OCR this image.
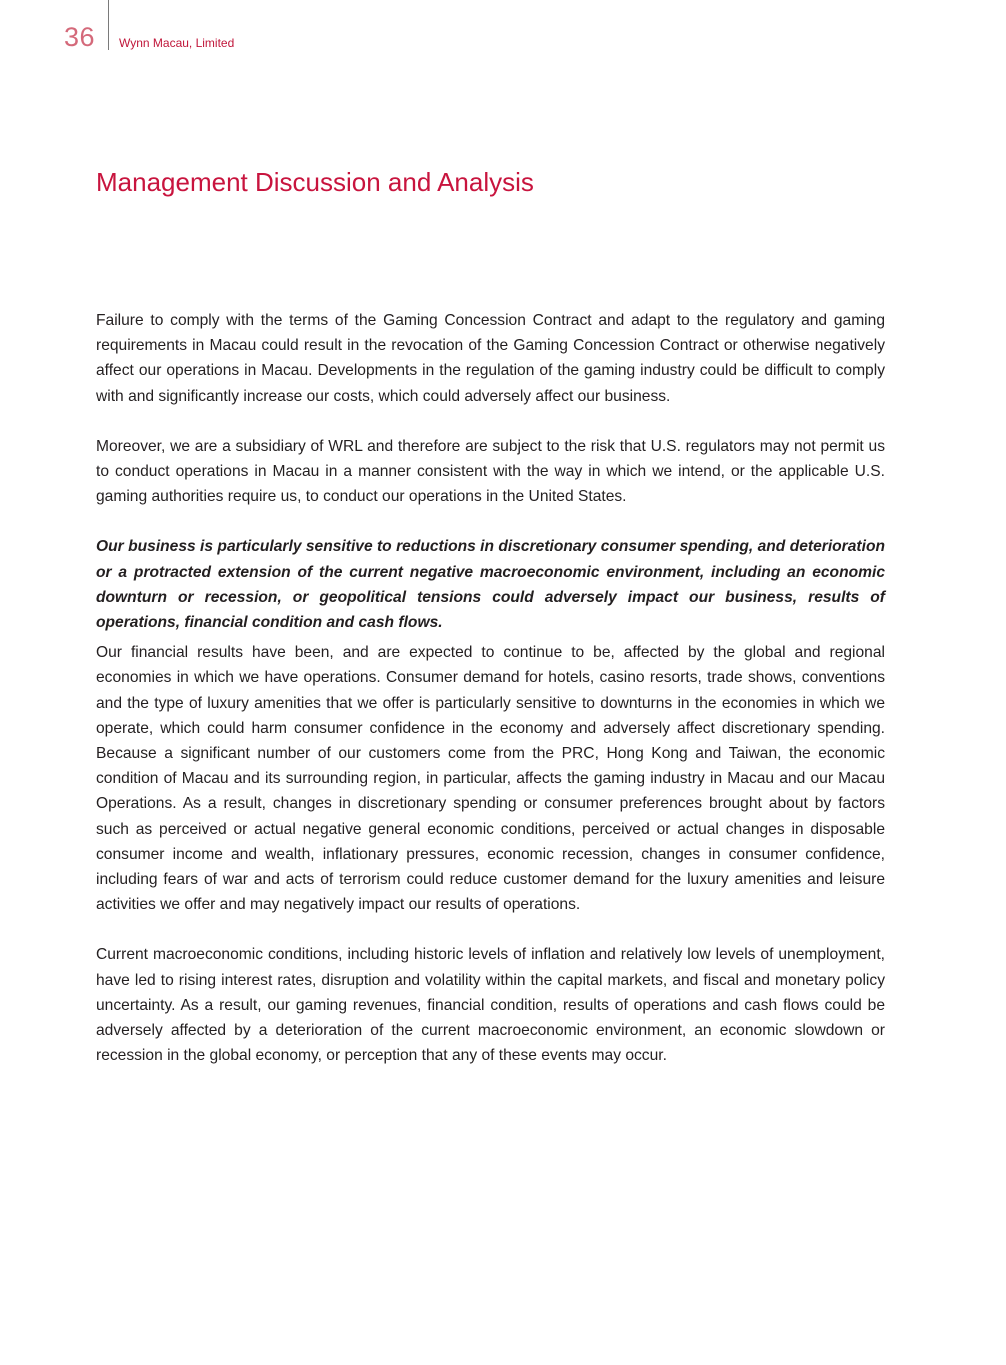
36 Wynn Macau, Limited
Management Discussion and Analysis

Failure to comply with the terms of the Gaming Concession Contract and adapt to the regulatory and gaming requirements in Macau could result in the revocation of the Gaming Concession Contract or otherwise negatively affect our operations in Macau. Developments in the regulation of the gaming industry could be difficult to comply with and significantly increase our costs, which could adversely affect our business.

Moreover, we are a subsidiary of WRL and therefore are subject to the risk that U.S. regulators may not permit us to conduct operations in Macau in a manner consistent with the way in which we intend, or the applicable U.S. gaming authorities require us, to conduct our operations in the United States.

Our business is particularly sensitive to reductions in discretionary consumer spending, and deterioration or a protracted extension of the current negative macroeconomic environment, including an economic downturn or recession, or geopolitical tensions could adversely impact our business, results of operations, financial condition and cash flows.

Our financial results have been, and are expected to continue to be, affected by the global and regional economies in which we have operations. Consumer demand for hotels, casino resorts, trade shows, conventions and the type of luxury amenities that we offer is particularly sensitive to downturns in the economies in which we operate, which could harm consumer confidence in the economy and adversely affect discretionary spending. Because a significant number of our customers come from the PRC, Hong Kong and Taiwan, the economic condition of Macau and its surrounding region, in particular, affects the gaming industry in Macau and our Macau Operations. As a result, changes in discretionary spending or consumer preferences brought about by factors such as perceived or actual negative general economic conditions, perceived or actual changes in disposable consumer income and wealth, inflationary pressures, economic recession, changes in consumer confidence, including fears of war and acts of terrorism could reduce customer demand for the luxury amenities and leisure activities we offer and may negatively impact our results of operations.

Current macroeconomic conditions, including historic levels of inflation and relatively low levels of unemployment, have led to rising interest rates, disruption and volatility within the capital markets, and fiscal and monetary policy uncertainty. As a result, our gaming revenues, financial condition, results of operations and cash flows could be adversely affected by a deterioration of the current macroeconomic environment, an economic slowdown or recession in the global economy, or perception that any of these events may occur.
